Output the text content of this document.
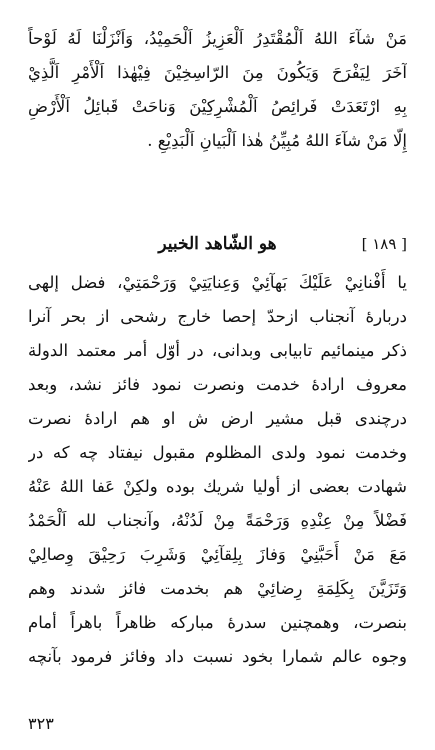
مَنْ شآءَ اللهُ اَلْمُقْتَدِرُ اَلْعَزِيزُ اَلْحَمِيْدُ، وَاَنْزَلْنَا لَهُ لَوْحاً
آخَرَ لِيَفْرَحَ وَيَكُونَ مِنَ الرّاسِخِيْنَ فِيْهٰذا اَلْأَمْرِ اَلَّذِيْ
بِهِ ارْتَعَدَتْ فَرائِصُ اَلْمُشْرِكِيْنَ وَناحَتْ قَبائِلُ اَلْأَرْضِ
إِلّا مَنْ شآءَ اللهُ مُبِيِّنُ هٰذا اَلْبَيانِ اَلْبَدِيْعِ .
[ ١٨٩ ]
هو الشّاهد الخبير
يا أَفْنانِيْ عَلَيْكَ بَهآئِيْ وَعِنايَتِيْ وَرَحْمَتِيْ، فضل إلهى
دربارهٔ آنجناب ازحدّ إحصا خارج رشحى از بحر آنرا
ذكر مينمائيم تابيابى وبدانى، در أوّل أمر معتمد الدولة
معروف ارادهٔ خدمت ونصرت نمود فائز نشد، وبعد
درچندى قبل مشير ارض ش او هم ارادهٔ نصرت
وخدمت نمود ولدى المظلوم مقبول نيفتاد چه كه در
شهادت بعضى از أوليا شريك بوده ولكِنْ عَفا اللهُ عَنْهُ
فَضْلاً مِنْ عِنْدِهِ وَرَحْمَةً مِنْ لَدُنْهُ، وآنجناب لله اَلْحَمْدُ
مَعَ مَنْ أَحَبَّنِيْ وَفازَ بِلِقآئِيْ وَشَرِبَ رَحِيْقَ وِصالِيْ
وَتَزَيَّنَ بِكَلِمَةِ رِضائِيْ هم بخدمت فائز شدند وهم
بنصرت، وهمچنين سدرهٔ مباركه ظاهراً باهراً أمام
وجوه عالم شمارا بخود نسبت داد وفائز فرمود بآنچه
٣٢٣
